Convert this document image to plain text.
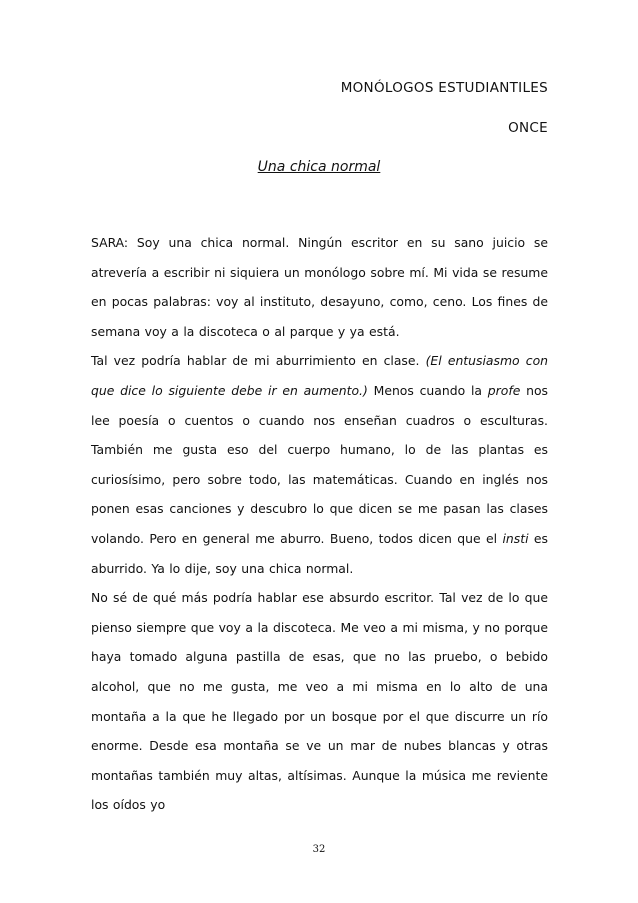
MONÓLOGOS ESTUDIANTILES
ONCE
Una chica normal

SARA: Soy una chica normal. Ningún escritor en su sano juicio se atrevería a escribir ni siquiera un monólogo sobre mí. Mi vida se resume en pocas palabras: voy al instituto, desayuno, como, ceno. Los fines de semana voy a la discoteca o al parque y ya está.

Tal vez podría hablar de mi aburrimiento en clase. (El entusiasmo con que dice lo siguiente debe ir en aumento.) Menos cuando la profe nos lee poesía o cuentos o cuando nos enseñan cuadros o esculturas. También me gusta eso del cuerpo humano, lo de las plantas es curiosísimo, pero sobre todo, las matemáticas. Cuando en inglés nos ponen esas canciones y descubro lo que dicen se me pasan las clases volando. Pero en general me aburro. Bueno, todos dicen que el insti es aburrido. Ya lo dije, soy una chica normal.

No sé de qué más podría hablar ese absurdo escritor. Tal vez de lo que pienso siempre que voy a la discoteca. Me veo a mi misma, y no porque haya tomado alguna pastilla de esas, que no las pruebo, o bebido alcohol, que no me gusta, me veo a mi misma en lo alto de una montaña a la que he llegado por un bosque por el que discurre un río enorme. Desde esa montaña se ve un mar de nubes blancas y otras montañas también muy altas, altísimas. Aunque la música me reviente los oídos yo

32
